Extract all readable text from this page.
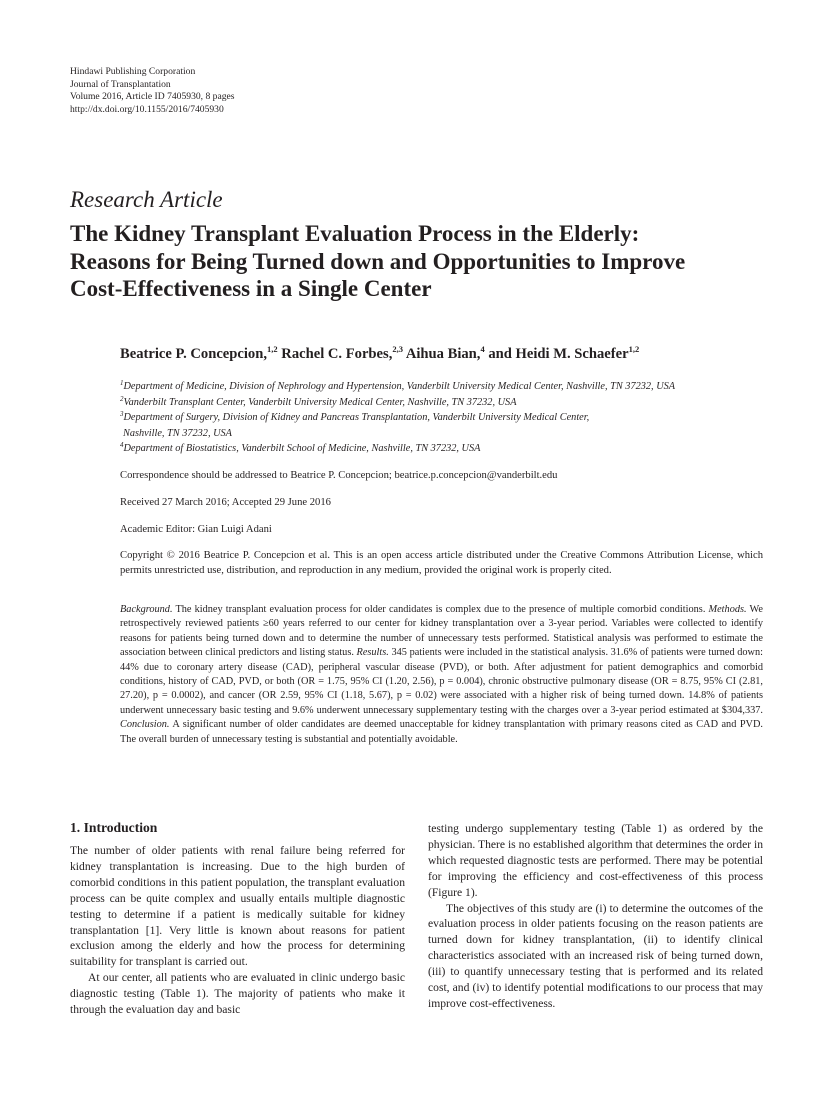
Hindawi Publishing Corporation
Journal of Transplantation
Volume 2016, Article ID 7405930, 8 pages
http://dx.doi.org/10.1155/2016/7405930
Research Article
The Kidney Transplant Evaluation Process in the Elderly:
Reasons for Being Turned down and Opportunities to Improve
Cost-Effectiveness in a Single Center
Beatrice P. Concepcion,$^{1,2}$ Rachel C. Forbes,$^{2,3}$ Aihua Bian,$^4$ and Heidi M. Schaefer$^{1,2}$
$^1$Department of Medicine, Division of Nephrology and Hypertension, Vanderbilt University Medical Center, Nashville, TN 37232, USA
$^2$Vanderbilt Transplant Center, Vanderbilt University Medical Center, Nashville, TN 37232, USA
$^3$Department of Surgery, Division of Kidney and Pancreas Transplantation, Vanderbilt University Medical Center,
Nashville, TN 37232, USA
$^4$Department of Biostatistics, Vanderbilt School of Medicine, Nashville, TN 37232, USA
Correspondence should be addressed to Beatrice P. Concepcion; beatrice.p.concepcion@vanderbilt.edu
Received 27 March 2016; Accepted 29 June 2016
Academic Editor: Gian Luigi Adani
Copyright © 2016 Beatrice P. Concepcion et al. This is an open access article distributed under the Creative Commons Attribution License, which permits unrestricted use, distribution, and reproduction in any medium, provided the original work is properly cited.
Background. The kidney transplant evaluation process for older candidates is complex due to the presence of multiple comorbid conditions. Methods. We retrospectively reviewed patients ≥60 years referred to our center for kidney transplantation over a 3-year period. Variables were collected to identify reasons for patients being turned down and to determine the number of unnecessary tests performed. Statistical analysis was performed to estimate the association between clinical predictors and listing status. Results. 345 patients were included in the statistical analysis. 31.6% of patients were turned down: 44% due to coronary artery disease (CAD), peripheral vascular disease (PVD), or both. After adjustment for patient demographics and comorbid conditions, history of CAD, PVD, or both (OR = 1.75, 95% CI (1.20, 2.56), p = 0.004), chronic obstructive pulmonary disease (OR = 8.75, 95% CI (2.81, 27.20), p = 0.0002), and cancer (OR 2.59, 95% CI (1.18, 5.67), p = 0.02) were associated with a higher risk of being turned down. 14.8% of patients underwent unnecessary basic testing and 9.6% underwent unnecessary supplementary testing with the charges over a 3-year period estimated at $304,337. Conclusion. A significant number of older candidates are deemed unacceptable for kidney transplantation with primary reasons cited as CAD and PVD. The overall burden of unnecessary testing is substantial and potentially avoidable.
1. Introduction

The number of older patients with renal failure being referred for kidney transplantation is increasing. Due to the high burden of comorbid conditions in this patient population, the transplant evaluation process can be quite complex and usually entails multiple diagnostic testing to determine if a patient is medically suitable for kidney transplantation [1]. Very little is known about reasons for patient exclusion among the elderly and how the process for determining suitability for transplant is carried out.

At our center, all patients who are evaluated in clinic undergo basic diagnostic testing (Table 1). The majority of patients who make it through the evaluation day and basic

testing undergo supplementary testing (Table 1) as ordered by the physician. There is no established algorithm that determines the order in which requested diagnostic tests are performed. There may be potential for improving the efficiency and cost-effectiveness of this process (Figure 1).

The objectives of this study are (i) to determine the outcomes of the evaluation process in older patients focusing on the reason patients are turned down for kidney transplantation, (ii) to identify clinical characteristics associated with an increased risk of being turned down, (iii) to quantify unnecessary testing that is performed and its related cost, and (iv) to identify potential modifications to our process that may improve cost-effectiveness.
